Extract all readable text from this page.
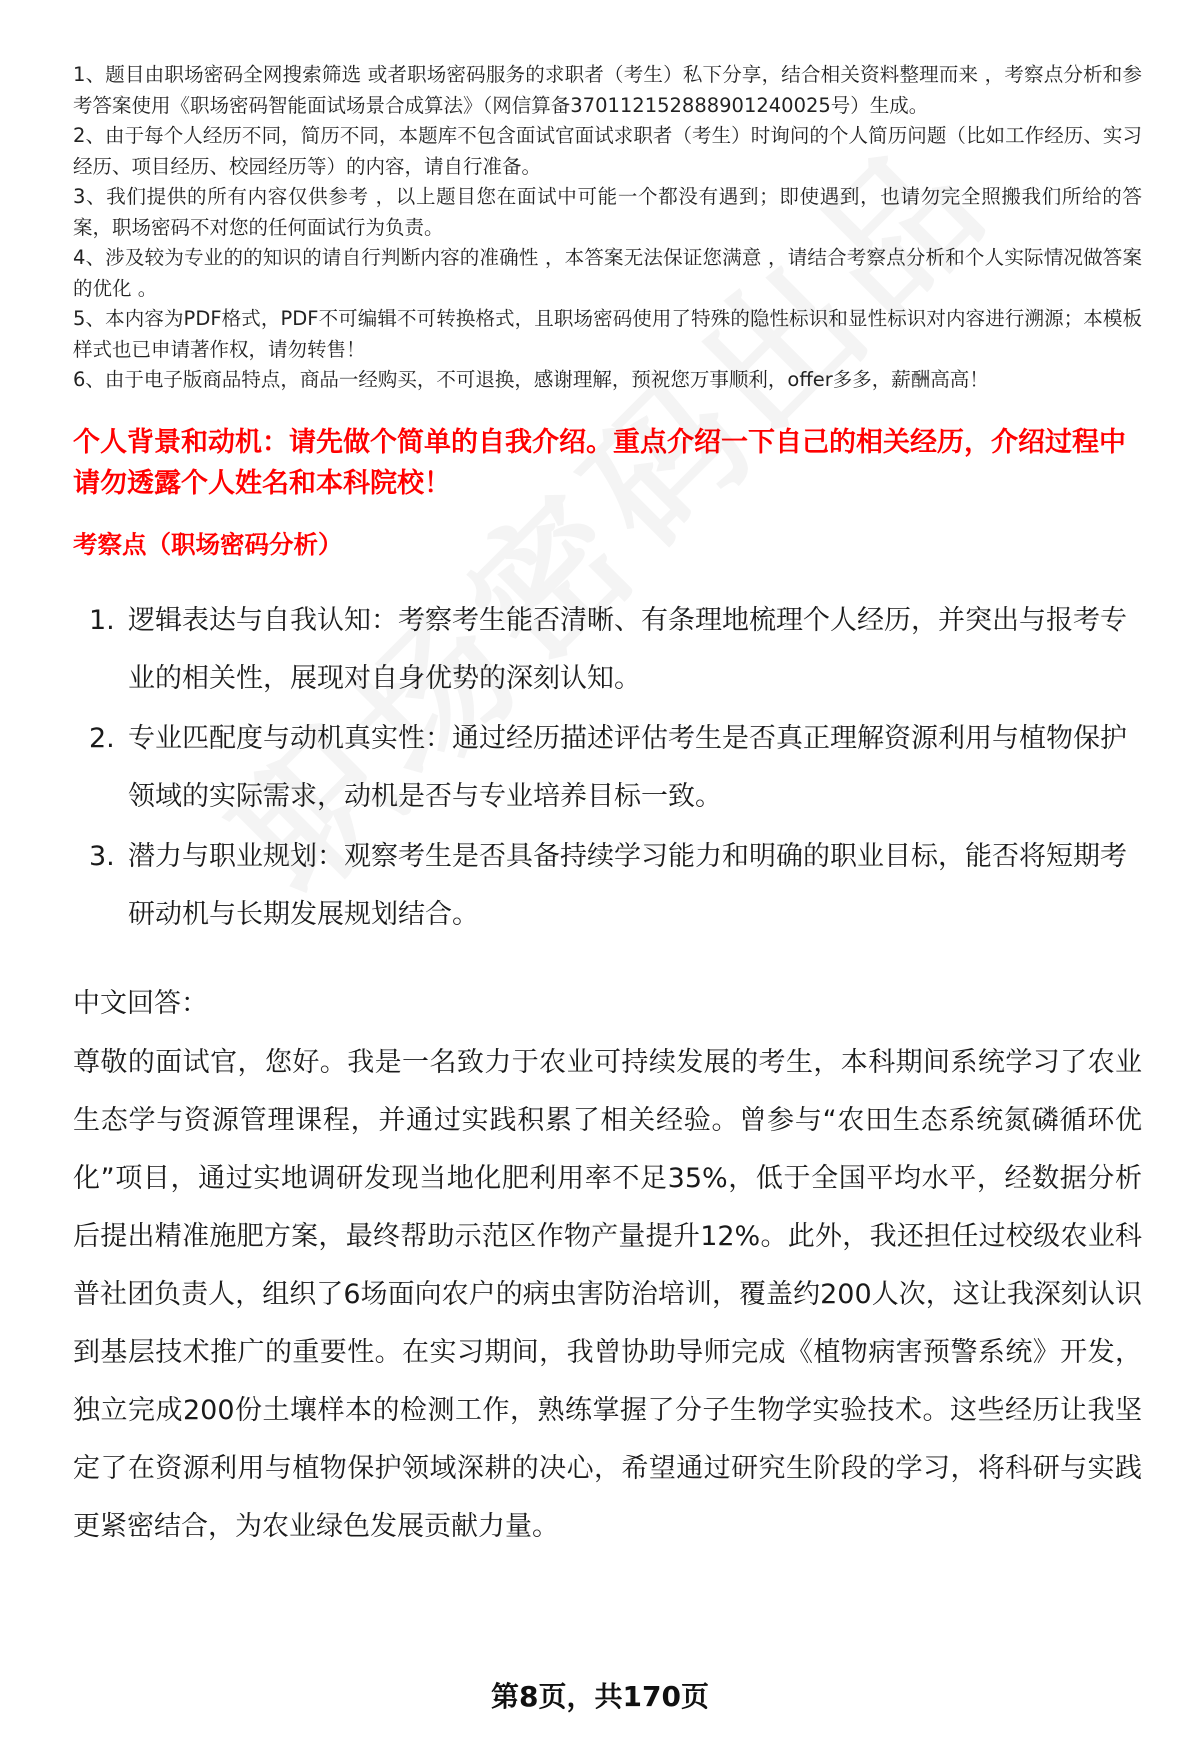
1、题目由职场密码全网搜索筛选 或者职场密码服务的求职者（考生）私下分享，结合相关资料整理而来 ，考察点分析和参考答案使用《职场密码智能面试场景合成算法》（网信算备370112152888901240025号）生成。
2、由于每个人经历不同，简历不同，本题库不包含面试官面试求职者（考生）时询问的个人简历问题（比如工作经历、实习经历、项目经历、校园经历等）的内容，请自行准备。
3、我们提供的所有内容仅供参考 ，以上题目您在面试中可能一个都没有遇到；即使遇到，也请勿完全照搬我们所给的答案，职场密码不对您的任何面试行为负责。
4、涉及较为专业的的知识的请自行判断内容的准确性 ，本答案无法保证您满意 ，请结合考察点分析和个人实际情况做答案的优化 。
5、本内容为PDF格式，PDF不可编辑不可转换格式，且职场密码使用了特殊的隐性标识和显性标识对内容进行溯源；本模板样式也已申请著作权，请勿转售！
6、由于电子版商品特点，商品一经购买，不可退换，感谢理解，预祝您万事顺利，offer多多，薪酬高高！
个人背景和动机：请先做个简单的自我介绍。重点介绍一下自己的相关经历，介绍过程中请勿透露个人姓名和本科院校！
考察点（职场密码分析）
1. 逻辑表达与自我认知：考察考生能否清晰、有条理地梳理个人经历，并突出与报考专业的相关性，展现对自身优势的深刻认知。
2. 专业匹配度与动机真实性：通过经历描述评估考生是否真正理解资源利用与植物保护领域的实际需求，动机是否与专业培养目标一致。
3. 潜力与职业规划：观察考生是否具备持续学习能力和明确的职业目标，能否将短期考研动机与长期发展规划结合。
中文回答：
尊敬的面试官，您好。我是一名致力于农业可持续发展的考生，本科期间系统学习了农业生态学与资源管理课程，并通过实践积累了相关经验。曾参与“农田生态系统氮磷循环优化”项目，通过实地调研发现当地化肥利用率不足35%，低于全国平均水平，经数据分析后提出精准施肥方案，最终帮助示范区作物产量提升12%。此外，我还担任过校级农业科普社团负责人，组织了6场面向农户的病虫害防治培训，覆盖约200人次，这让我深刻认识到基层技术推广的重要性。在实习期间，我曾协助导师完成《植物病害预警系统》开发，独立完成200份土壤样本的检测工作，熟练掌握了分子生物学实验技术。这些经历让我坚定了在资源利用与植物保护领域深耕的决心，希望通过研究生阶段的学习，将科研与实践更紧密结合，为农业绿色发展贡献力量。
第8页，共170页
